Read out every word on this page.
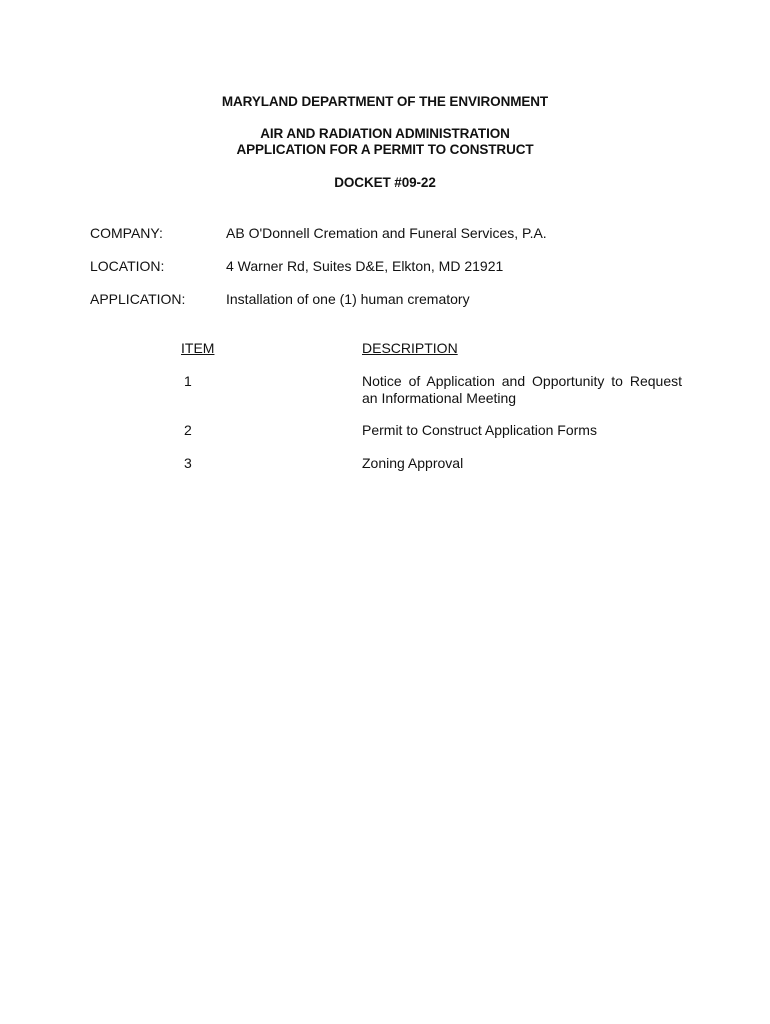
MARYLAND DEPARTMENT OF THE ENVIRONMENT
AIR AND RADIATION ADMINISTRATION
APPLICATION FOR A PERMIT TO CONSTRUCT
DOCKET #09-22
COMPANY:	AB O'Donnell Cremation and Funeral Services, P.A.
LOCATION:	4 Warner Rd, Suites D&E, Elkton, MD 21921
APPLICATION:	Installation of one (1) human crematory
ITEM	DESCRIPTION
1	Notice of Application and Opportunity to Request an Informational Meeting
2	Permit to Construct Application Forms
3	Zoning Approval
